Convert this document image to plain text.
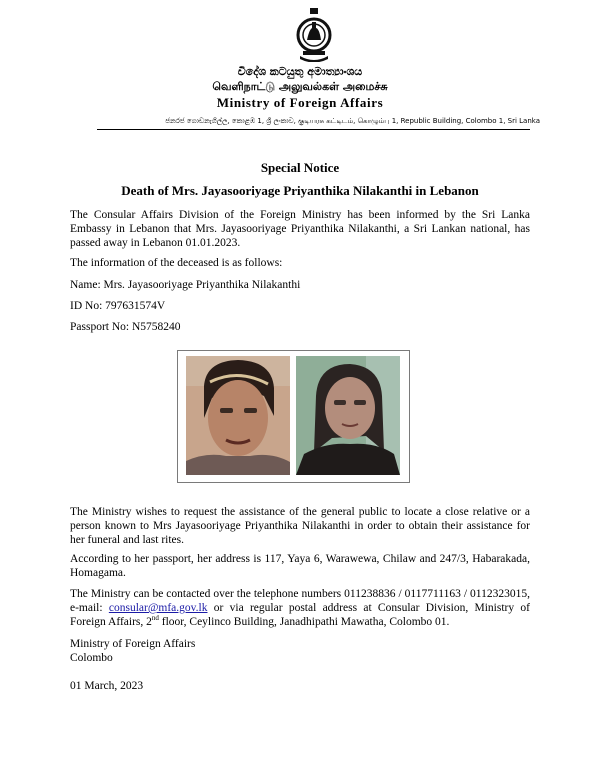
විදේශ කටයුතු අමාත්‍යාංශය
வெளிநாட்டு அலுவல்கள் அமைச்சு
Ministry of Foreign Affairs
ජනරජ ගොඩනැගිල්ල, කොළඹ 1, ශ්‍රී ලංකාව, குடியரசு கட்டிடம், கொழும்பு 1, Republic Building, Colombo 1, Sri Lanka
Special Notice
Death of Mrs. Jayasooriyage Priyanthika Nilakanthi in Lebanon
The Consular Affairs Division of the Foreign Ministry has been informed by the Sri Lanka Embassy in Lebanon that Mrs. Jayasooriyage Priyanthika Nilakanthi, a Sri Lankan national, has passed away in Lebanon 01.01.2023.
The information of the deceased is as follows:
Name: Mrs. Jayasooriyage Priyanthika Nilakanthi
ID No: 797631574V
Passport No: N5758240
The Ministry wishes to request the assistance of the general public to locate a close relative or a person known to Mrs Jayasooriyage Priyanthika Nilakanthi in order to obtain their assistance for her funeral and last rites.
According to her passport, her address is 117, Yaya 6, Warawewa, Chilaw and 247/3, Habarakada, Homagama.
The Ministry can be contacted over the telephone numbers 011238836 / 0117711163 / 0112323015, e-mail: consular@mfa.gov.lk or via regular postal address at Consular Division, Ministry of Foreign Affairs, 2nd floor, Ceylinco Building, Janadhipathi Mawatha, Colombo 01.
Ministry of Foreign Affairs
Colombo
01 March, 2023
